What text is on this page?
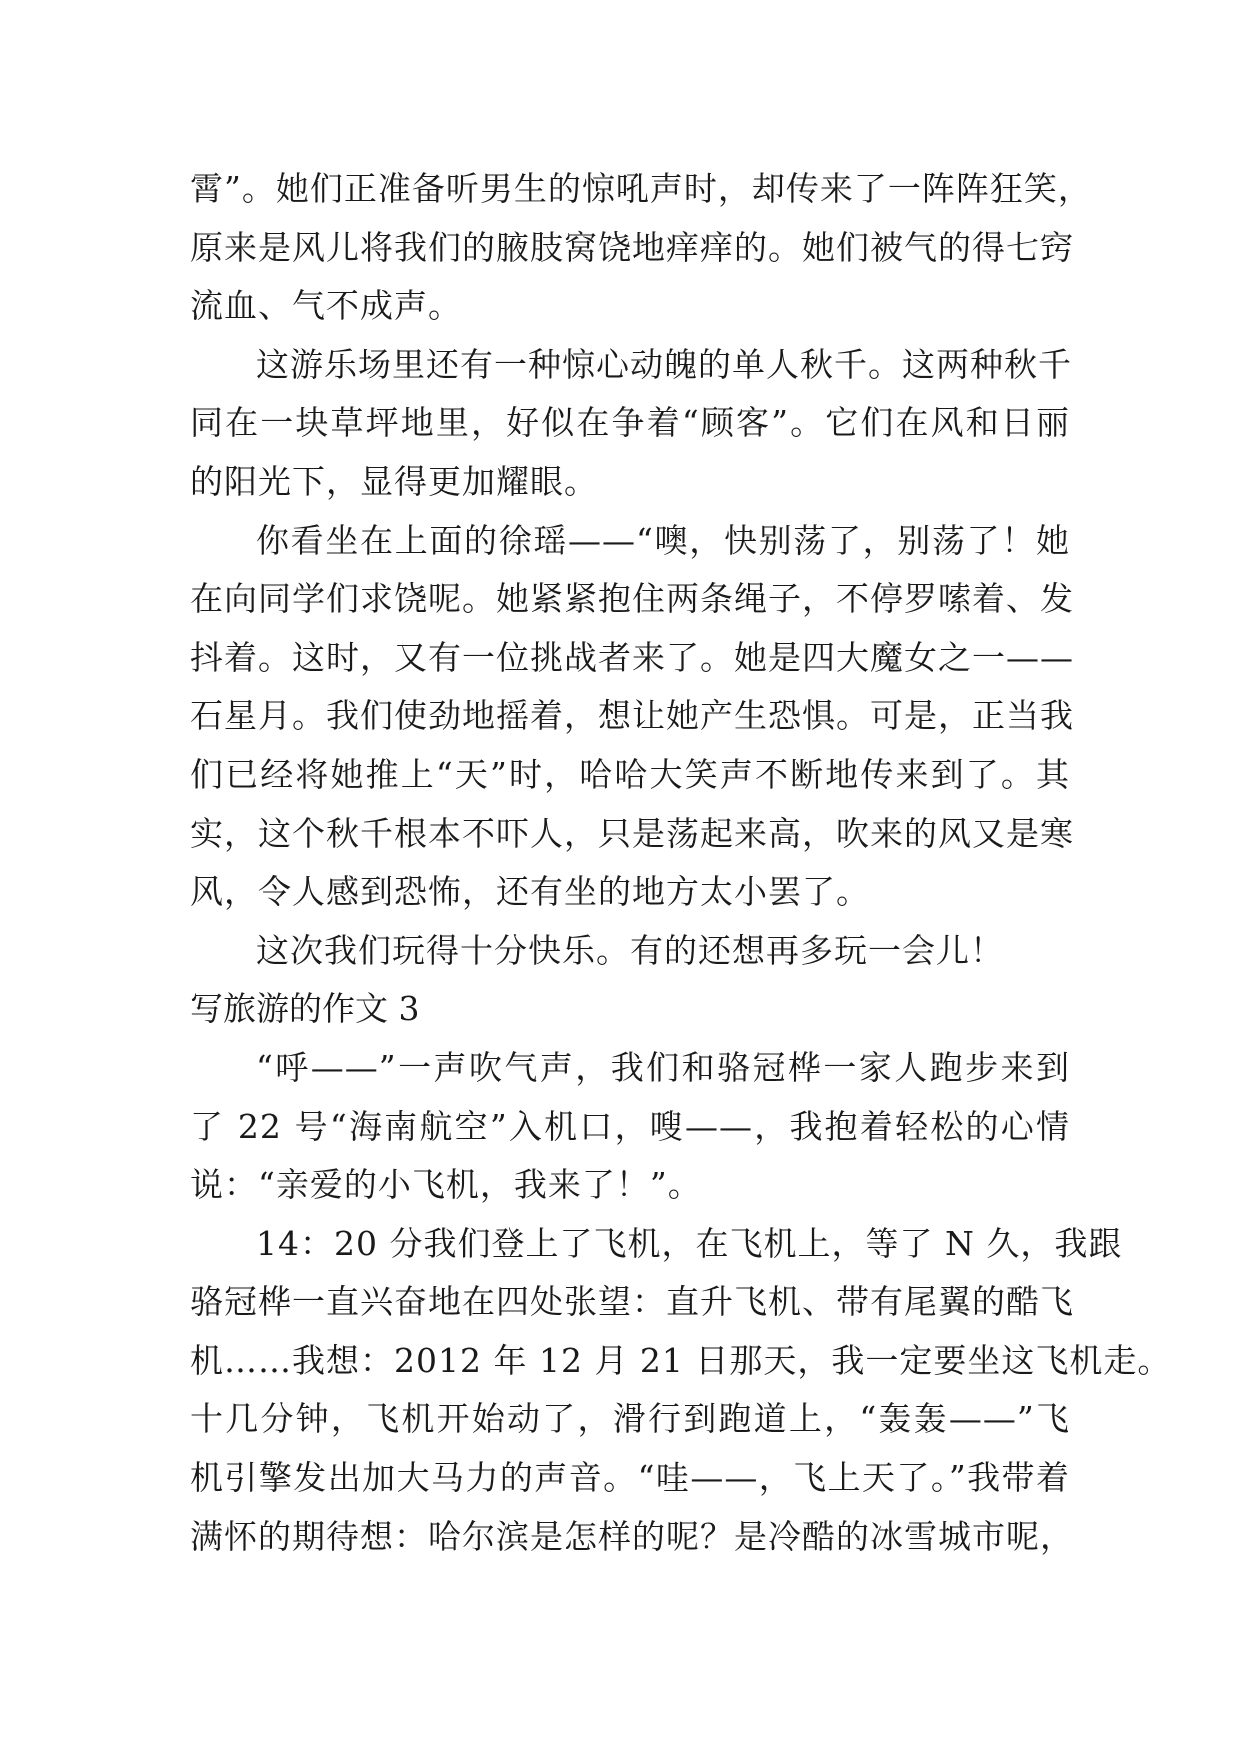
霄”。她们正准备听男生的惊吼声时，却传来了一阵阵狂笑，
原来是风儿将我们的腋肢窝饶地痒痒的。她们被气的得七窍
流血、气不成声。
这游乐场里还有一种惊心动魄的单人秋千。这两种秋千
同在一块草坪地里，好似在争着“顾客”。它们在风和日丽
的阳光下，显得更加耀眼。
你看坐在上面的徐瑶——“噢，快别荡了，别荡了！她
在向同学们求饶呢。她紧紧抱住两条绳子，不停罗嗦着、发
抖着。这时，又有一位挑战者来了。她是四大魔女之一——
石星月。我们使劲地摇着，想让她产生恐惧。可是，正当我
们已经将她推上“天”时，哈哈大笑声不断地传来到了。其
实，这个秋千根本不吓人，只是荡起来高，吹来的风又是寒
风，令人感到恐怖，还有坐的地方太小罢了。
这次我们玩得十分快乐。有的还想再多玩一会儿！
写旅游的作文 3
“呼——”一声吹气声，我们和骆冠桦一家人跑步来到
了 22 号“海南航空”入机口，嗖——，我抱着轻松的心情
说：“亲爱的小飞机，我来了！”。
14：20 分我们登上了飞机，在飞机上，等了 N 久，我跟
骆冠桦一直兴奋地在四处张望：直升飞机、带有尾翼的酷飞
机……我想：2012 年 12 月 21 日那天，我一定要坐这飞机走。
十几分钟，飞机开始动了，滑行到跑道上，“轰轰——”飞
机引擎发出加大马力的声音。“哇——，飞上天了。”我带着
满怀的期待想：哈尔滨是怎样的呢？是冷酷的冰雪城市呢，
